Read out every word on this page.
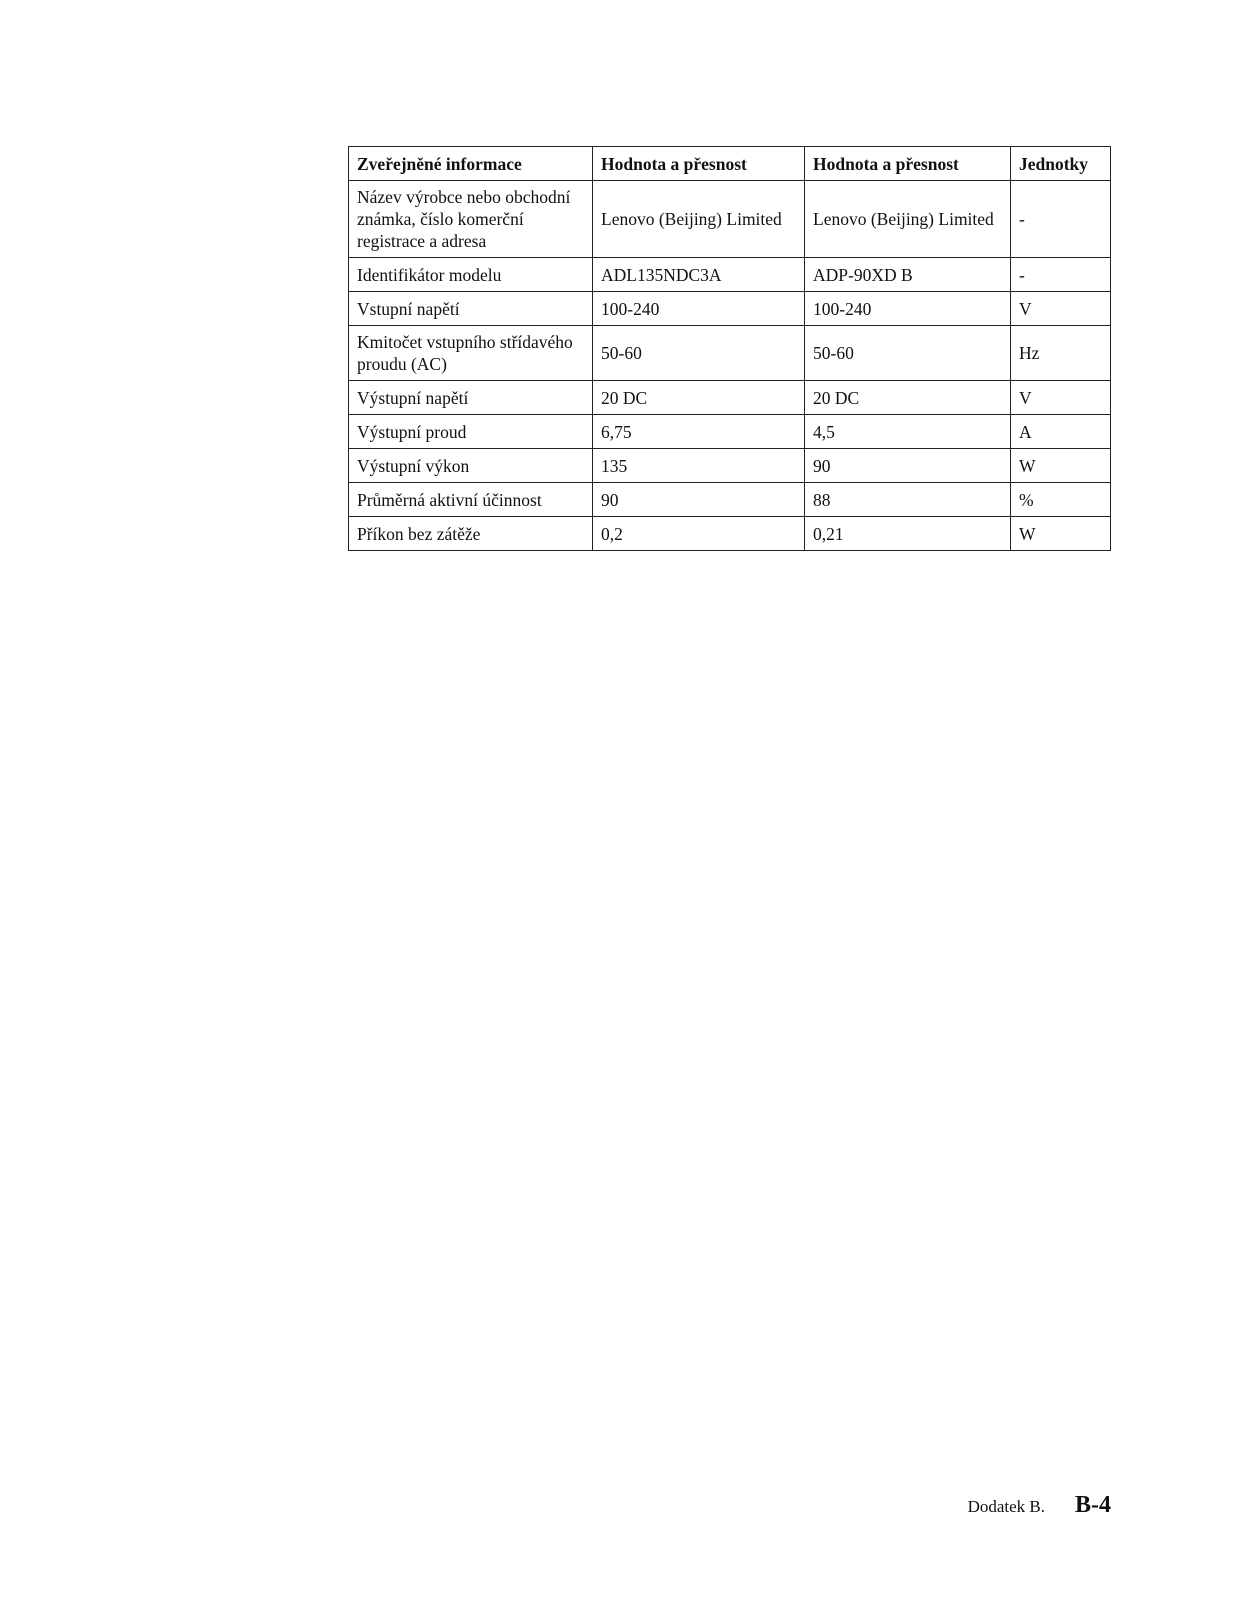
Zveřejněné informace	Hodnota a přesnost	Hodnota a přesnost	Jednotky
Název výrobce nebo obchodní známka, číslo komerční registrace a adresa	Lenovo (Beijing) Limited	Lenovo (Beijing) Limited	-
Identifikátor modelu	ADL135NDC3A	ADP-90XD B	-
Vstupní napětí	100-240	100-240	V
Kmitočet vstupního střídavého proudu (AC)	50-60	50-60	Hz
Výstupní napětí	20 DC	20 DC	V
Výstupní proud	6,75	4,5	A
Výstupní výkon	135	90	W
Průměrná aktivní účinnost	90	88	%
Příkon bez zátěže	0,2	0,21	W
Dodatek B. B-4
